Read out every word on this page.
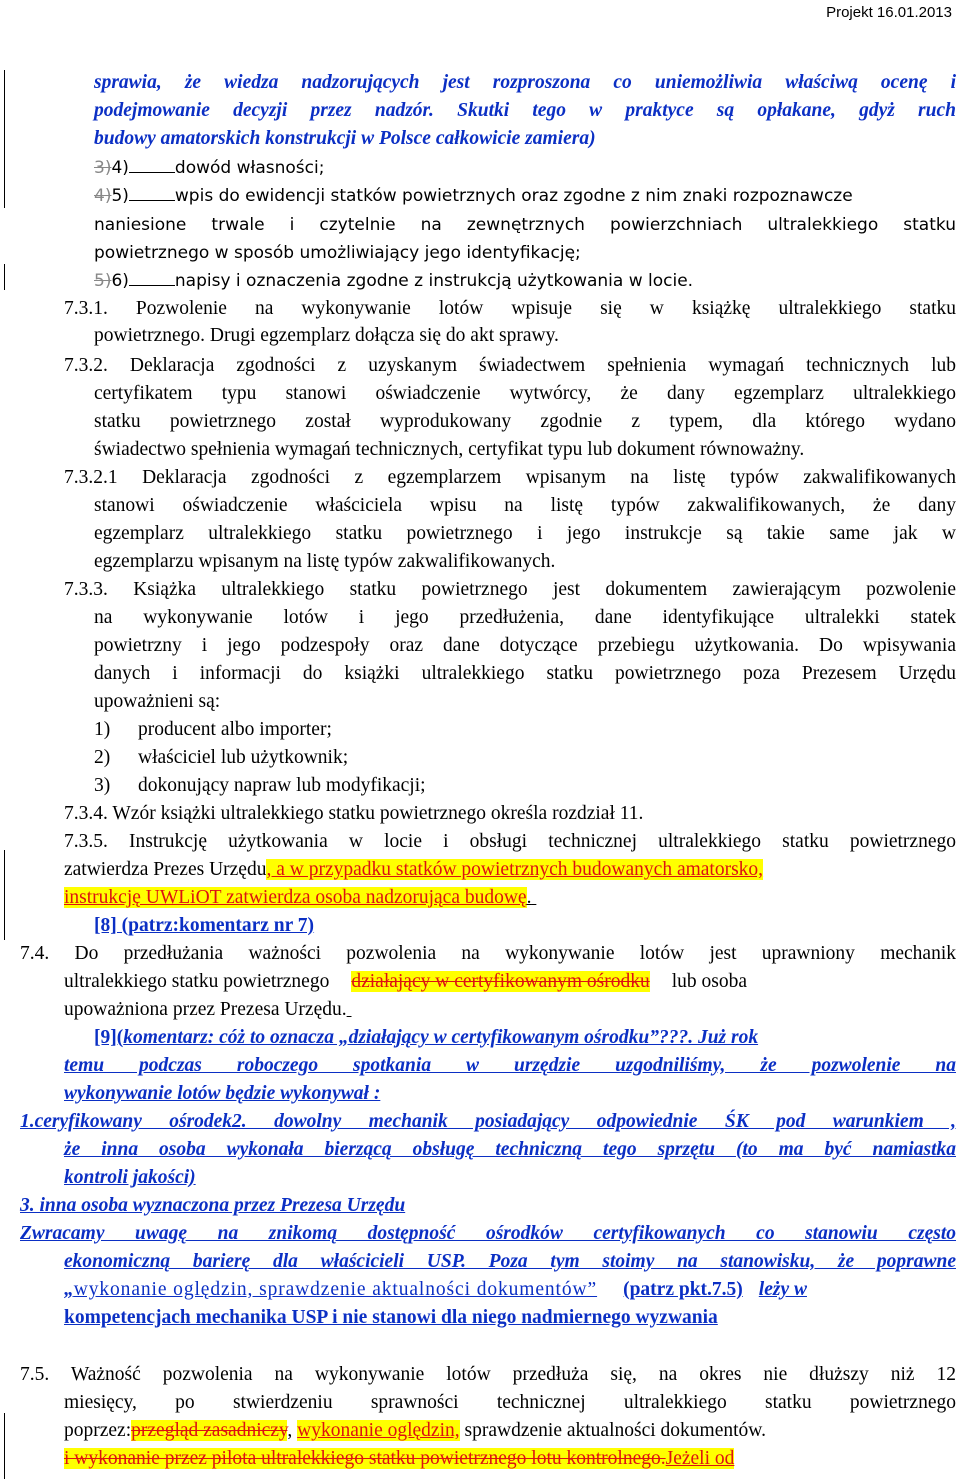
Projekt 16.01.2013
sprawia, że wiedza nadzorujących jest rozproszona co uniemożliwia właściwą ocenę i
podejmowanie decyzji przez nadzór. Skutki tego w praktyce są opłakane, gdyż ruch
budowy amatorskich konstrukcji w Polsce całkowicie zamiera)
3)4)	dowód własności;
4)5)	wpis do ewidencji statków powietrznych oraz zgodne z nim znaki rozpoznawcze
naniesione trwale i czytelnie na zewnętrznych powierzchniach ultralekkiego statku
powietrznego w sposób umożliwiający jego identyfikację;
5)6)	napisy i oznaczenia zgodne z instrukcją użytkowania w locie.
7.3.1. Pozwolenie na wykonywanie lotów wpisuje się w książkę ultralekkiego statku
powietrznego. Drugi egzemplarz dołącza się do akt sprawy.
7.3.2. Deklaracja zgodności z uzyskanym świadectwem spełnienia wymagań technicznych lub
certyfikatem typu stanowi oświadczenie wytwórcy, że dany egzemplarz ultralekkiego
statku powietrznego został wyprodukowany zgodnie z typem, dla którego wydano
świadectwo spełnienia wymagań technicznych, certyfikat typu lub dokument równoważny.
7.3.2.1 Deklaracja zgodności z egzemplarzem wpisanym na listę typów zakwalifikowanych
stanowi oświadczenie właściciela wpisu na listę typów zakwalifikowanych, że dany
egzemplarz ultralekkiego statku powietrznego i jego instrukcje są takie same jak w
egzemplarzu wpisanym na listę typów zakwalifikowanych.
7.3.3. Książka ultralekkiego statku powietrznego jest dokumentem zawierającym pozwolenie
na wykonywanie lotów i jego przedłużenia, dane identyfikujące ultralekki statek
powietrzny i jego podzespoły oraz dane dotyczące przebiegu użytkowania. Do wpisywania
danych i informacji do książki ultralekkiego statku powietrznego poza Prezesem Urzędu
upoważnieni są:
1) producent albo importer;
2) właściciel lub użytkownik;
3) dokonujący napraw lub modyfikacji;
7.3.4. Wzór książki ultralekkiego statku powietrznego określa rozdział 11.
7.3.5. Instrukcję użytkowania w locie i obsługi technicznej ultralekkiego statku powietrznego
zatwierdza Prezes Urzędu, a w przypadku statków powietrznych budowanych amatorsko,
instrukcję UWLiOT zatwierdza osoba nadzorująca budowę.
[8] (patrz:komentarz nr 7)
7.4. Do przedłużania ważności pozwolenia na wykonywanie lotów jest uprawniony mechanik
ultralekkiego statku powietrznego działający w certyfikowanym ośrodku lub osoba
upoważniona przez Prezesa Urzędu.
[9](komentarz: cóż to oznacza „działający w certyfikowanym ośrodku”???. Już rok
temu podczas roboczego spotkania w urzędzie uzgodniliśmy, że pozwolenie na
wykonywanie lotów będzie wykonywał :
1.ceryfikowany ośrodek2. dowolny mechanik posiadający odpowiednie ŚK pod warunkiem ,
że inna osoba wykonała bierzącą obsługę techniczną tego sprzętu (to ma być namiastka
kontroli jakości)
3. inna osoba wyznaczona przez Prezesa Urzędu
Zwracamy uwagę na znikomą dostępność ośrodków certyfikowanych co stanowiu często
ekonomiczną barierę dla właścicieli USP. Poza tym stoimy na stanowisku, że poprawne
„wykonanie oględzin, sprawdzenie aktualności dokumentów” (patrz pkt.7.5) leży w
kompetencjach mechanika USP i nie stanowi dla niego nadmiernego wyzwania
7.5. Ważność pozwolenia na wykonywanie lotów przedłuża się, na okres nie dłuższy niż 12
miesięcy, po stwierdzeniu sprawności technicznej ultralekkiego statku powietrznego
poprzez:przegląd zasadniczy, wykonanie oględzin, sprawdzenie aktualności dokumentów.
i wykonanie przez pilota ultralekkiego statku powietrznego lotu kontrolnego.Jeżeli od
